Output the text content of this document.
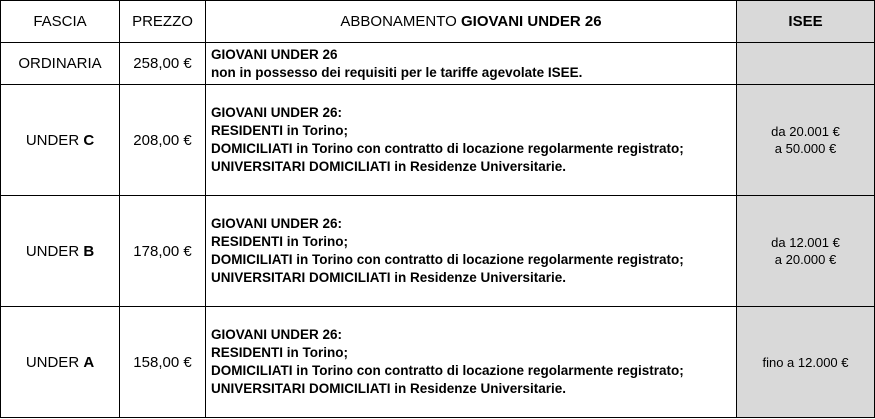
FASCIA	PREZZO	ABBONAMENTO GIOVANI UNDER 26	ISEE
ORDINARIA	258,00 €	GIOVANI UNDER 26
non in possesso dei requisiti per le tariffe agevolate ISEE.	

UNDER C	208,00 €	GIOVANI UNDER 26:
RESIDENTI in Torino;
DOMICILIATI in Torino con contratto di locazione regolarmente registrato;
UNIVERSITARI DOMICILIATI in Residenze Universitarie.	da 20.001 €
a 50.000 €

UNDER B	178,00 €	GIOVANI UNDER 26:
RESIDENTI in Torino;
DOMICILIATI in Torino con contratto di locazione regolarmente registrato;
UNIVERSITARI DOMICILIATI in Residenze Universitarie.	da 12.001 €
a 20.000 €

UNDER A	158,00 €	GIOVANI UNDER 26:
RESIDENTI in Torino;
DOMICILIATI in Torino con contratto di locazione regolarmente registrato;
UNIVERSITARI DOMICILIATI in Residenze Universitarie.	fino a 12.000 €
